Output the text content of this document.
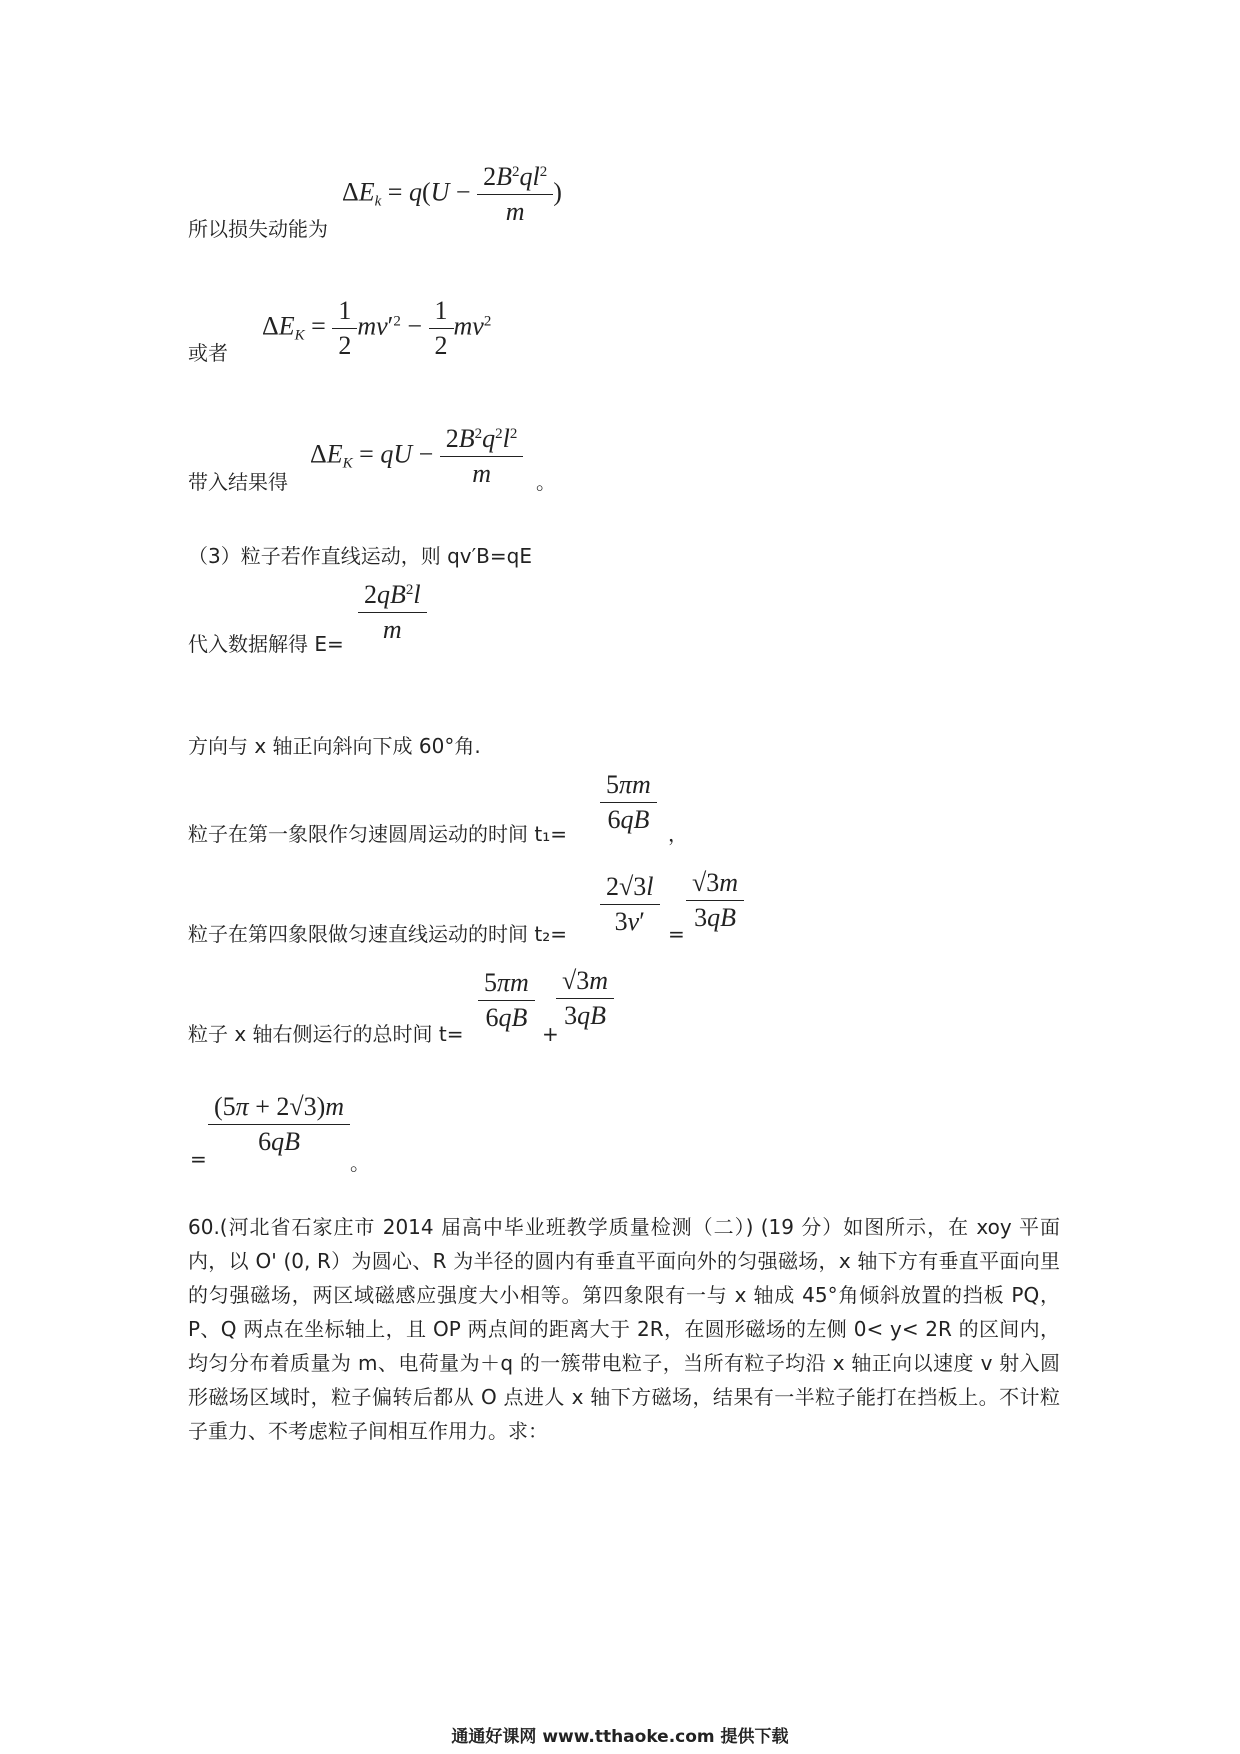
所以损失动能为
$\Delta E_k = q(U - \frac{2B^2ql^2}{m}$ )
或者
$\Delta E_K = \frac{1}{2} mv'^2 - \frac{1}{2} mv^2$
带入结果得
$\Delta E_K$ = qU − $\frac{2B^2q^2l^2}{m}$ 。
（3）粒子若作直线运动，则 qv′B=qE
代入数据解得 $E= \frac{2qB^2l}{m}$
方向与 x 轴正向斜向下成 60°角.
粒子在第一象限作匀速圆周运动的时间 $t_1= \frac{5\pi m}{6qB}$ ，
粒子在第四象限做匀速直线运动的时间 $t_2= \frac{2√3l}{3v'}$ =
$\frac{√3m}{3qB}$
粒子 x 轴右侧运行的总时间 t=
$\frac{5\pi m}{6qB}$
+
$\frac{√3m}{3qB}$
=
$\frac{(5\pi + 2√3)m}{6qB}$
。
60.(河北省石家庄市 2014 届高中毕业班教学质量检测（二）) (19 分）如图所示，在 xoy 平面内，以 O' (0, R）为圆心、R 为半径的圆内有垂直平面向外的匀强磁场，x 轴下方有垂直平面向里的匀强磁场，两区域磁感应强度大小相等。第四象限有一与 x 轴成 45°角倾斜放置的挡板 PQ，P、Q 两点在坐标轴上，且 OP 两点间的距离大于 2R，在圆形磁场的左侧 0< y< 2R 的区间内，均匀分布着质量为 m、电荷量为＋q 的一簇带电粒子，当所有粒子均沿 x 轴正向以速度 v 射入圆形磁场区域时，粒子偏转后都从 O 点进人 x 轴下方磁场，结果有一半粒子能打在挡板上。不计粒子重力、不考虑粒子间相互作用力。求：
通通好课网 www.tthaoke.com 提供下载
